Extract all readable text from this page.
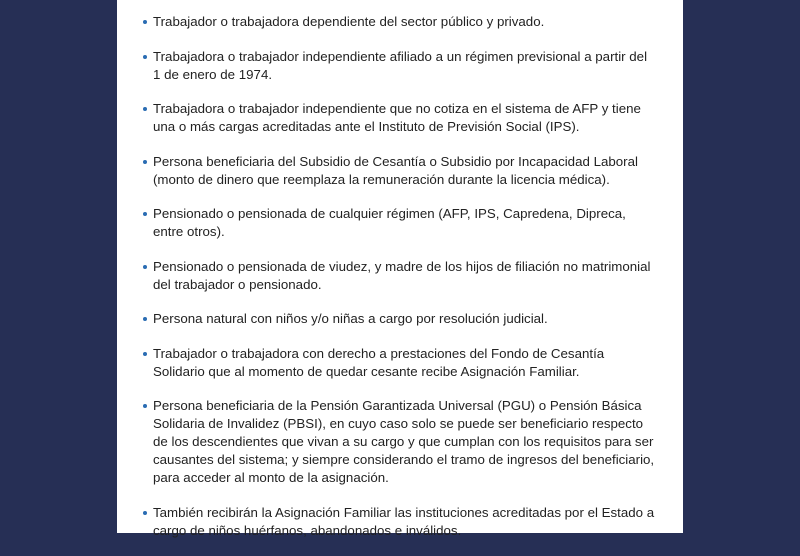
Trabajador o trabajadora dependiente del sector público y privado.
Trabajadora o trabajador independiente afiliado a un régimen previsional a partir del 1 de enero de 1974.
Trabajadora o trabajador independiente que no cotiza en el sistema de AFP y tiene una o más cargas acreditadas ante el Instituto de Previsión Social (IPS).
Persona beneficiaria del Subsidio de Cesantía o Subsidio por Incapacidad Laboral (monto de dinero que reemplaza la remuneración durante la licencia médica).
Pensionado o pensionada de cualquier régimen (AFP, IPS, Capredena, Dipreca, entre otros).
Pensionado o pensionada de viudez, y madre de los hijos de filiación no matrimonial del trabajador o pensionado.
Persona natural con niños y/o niñas a cargo por resolución judicial.
Trabajador o trabajadora con derecho a prestaciones del Fondo de Cesantía Solidario que al momento de quedar cesante recibe Asignación Familiar.
Persona beneficiaria de la Pensión Garantizada Universal (PGU) o Pensión Básica Solidaria de Invalidez (PBSI), en cuyo caso solo se puede ser beneficiario respecto de los descendientes que vivan a su cargo y que cumplan con los requisitos para ser causantes del sistema; y siempre considerando el tramo de ingresos del beneficiario, para acceder al monto de la asignación.
También recibirán la Asignación Familiar las instituciones acreditadas por el Estado a cargo de niños huérfanos, abandonados e inválidos.
